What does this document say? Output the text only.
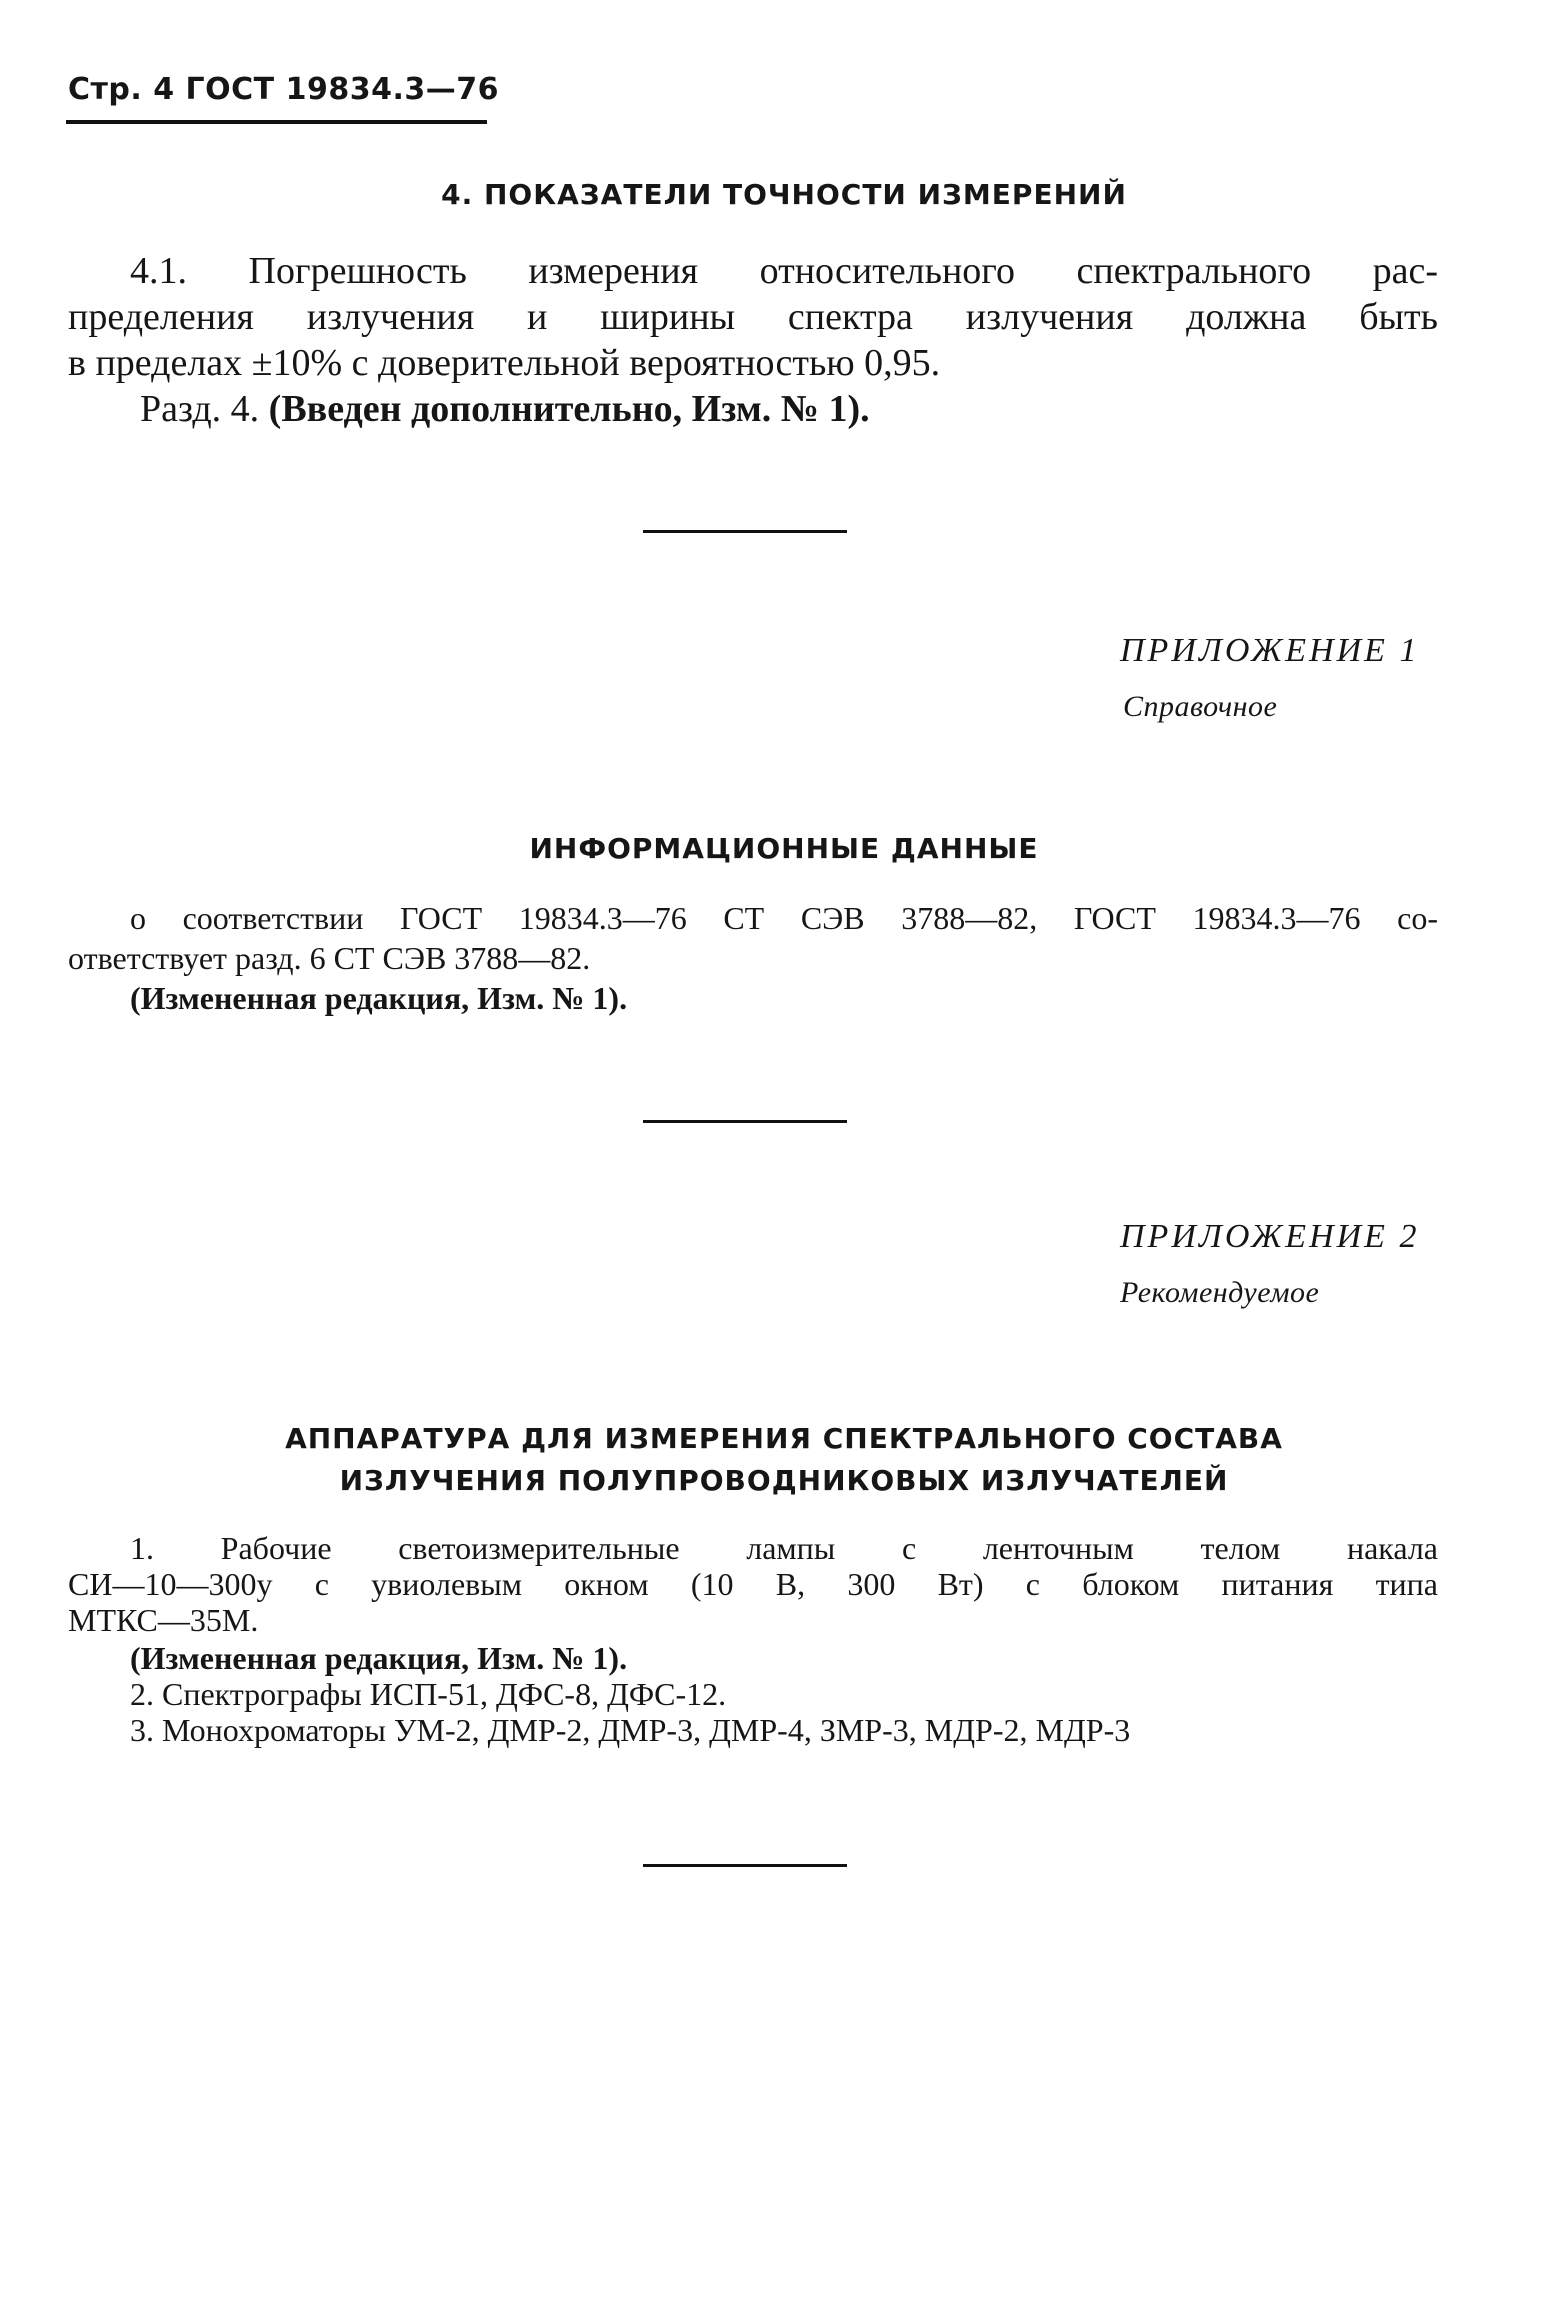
Стр. 4 ГОСТ 19834.3—76
4. ПОКАЗАТЕЛИ ТОЧНОСТИ ИЗМЕРЕНИЙ
4.1. Погрешность измерения относительного спектрального рас-
пределения излучения и ширины спектра излучения должна быть
в пределах ±10% с доверительной вероятностью 0,95.
Разд. 4. (Введен дополнительно, Изм. № 1).
ПРИЛОЖЕНИЕ 1
Справочное
ИНФОРМАЦИОННЫЕ ДАННЫЕ
о соответствии ГОСТ 19834.3—76 СТ СЭВ 3788—82, ГОСТ 19834.3—76 со-
ответствует разд. 6 СТ СЭВ 3788—82.
(Измененная редакция, Изм. № 1).
ПРИЛОЖЕНИЕ 2
Рекомендуемое
АППАРАТУРА ДЛЯ ИЗМЕРЕНИЯ СПЕКТРАЛЬНОГО СОСТАВА
ИЗЛУЧЕНИЯ ПОЛУПРОВОДНИКОВЫХ ИЗЛУЧАТЕЛЕЙ
1. Рабочие светоизмерительные лампы с ленточным телом накала
СИ—10—300у с увиолевым окном (10 В, 300 Вт) с блоком питания типа
МТКС—35М.
(Измененная редакция, Изм. № 1).
2. Спектрографы ИСП-51, ДФС-8, ДФС-12.
3. Монохроматоры УМ-2, ДМР-2, ДМР-3, ДМР-4, ЗМР-3, МДР-2, МДР-3
